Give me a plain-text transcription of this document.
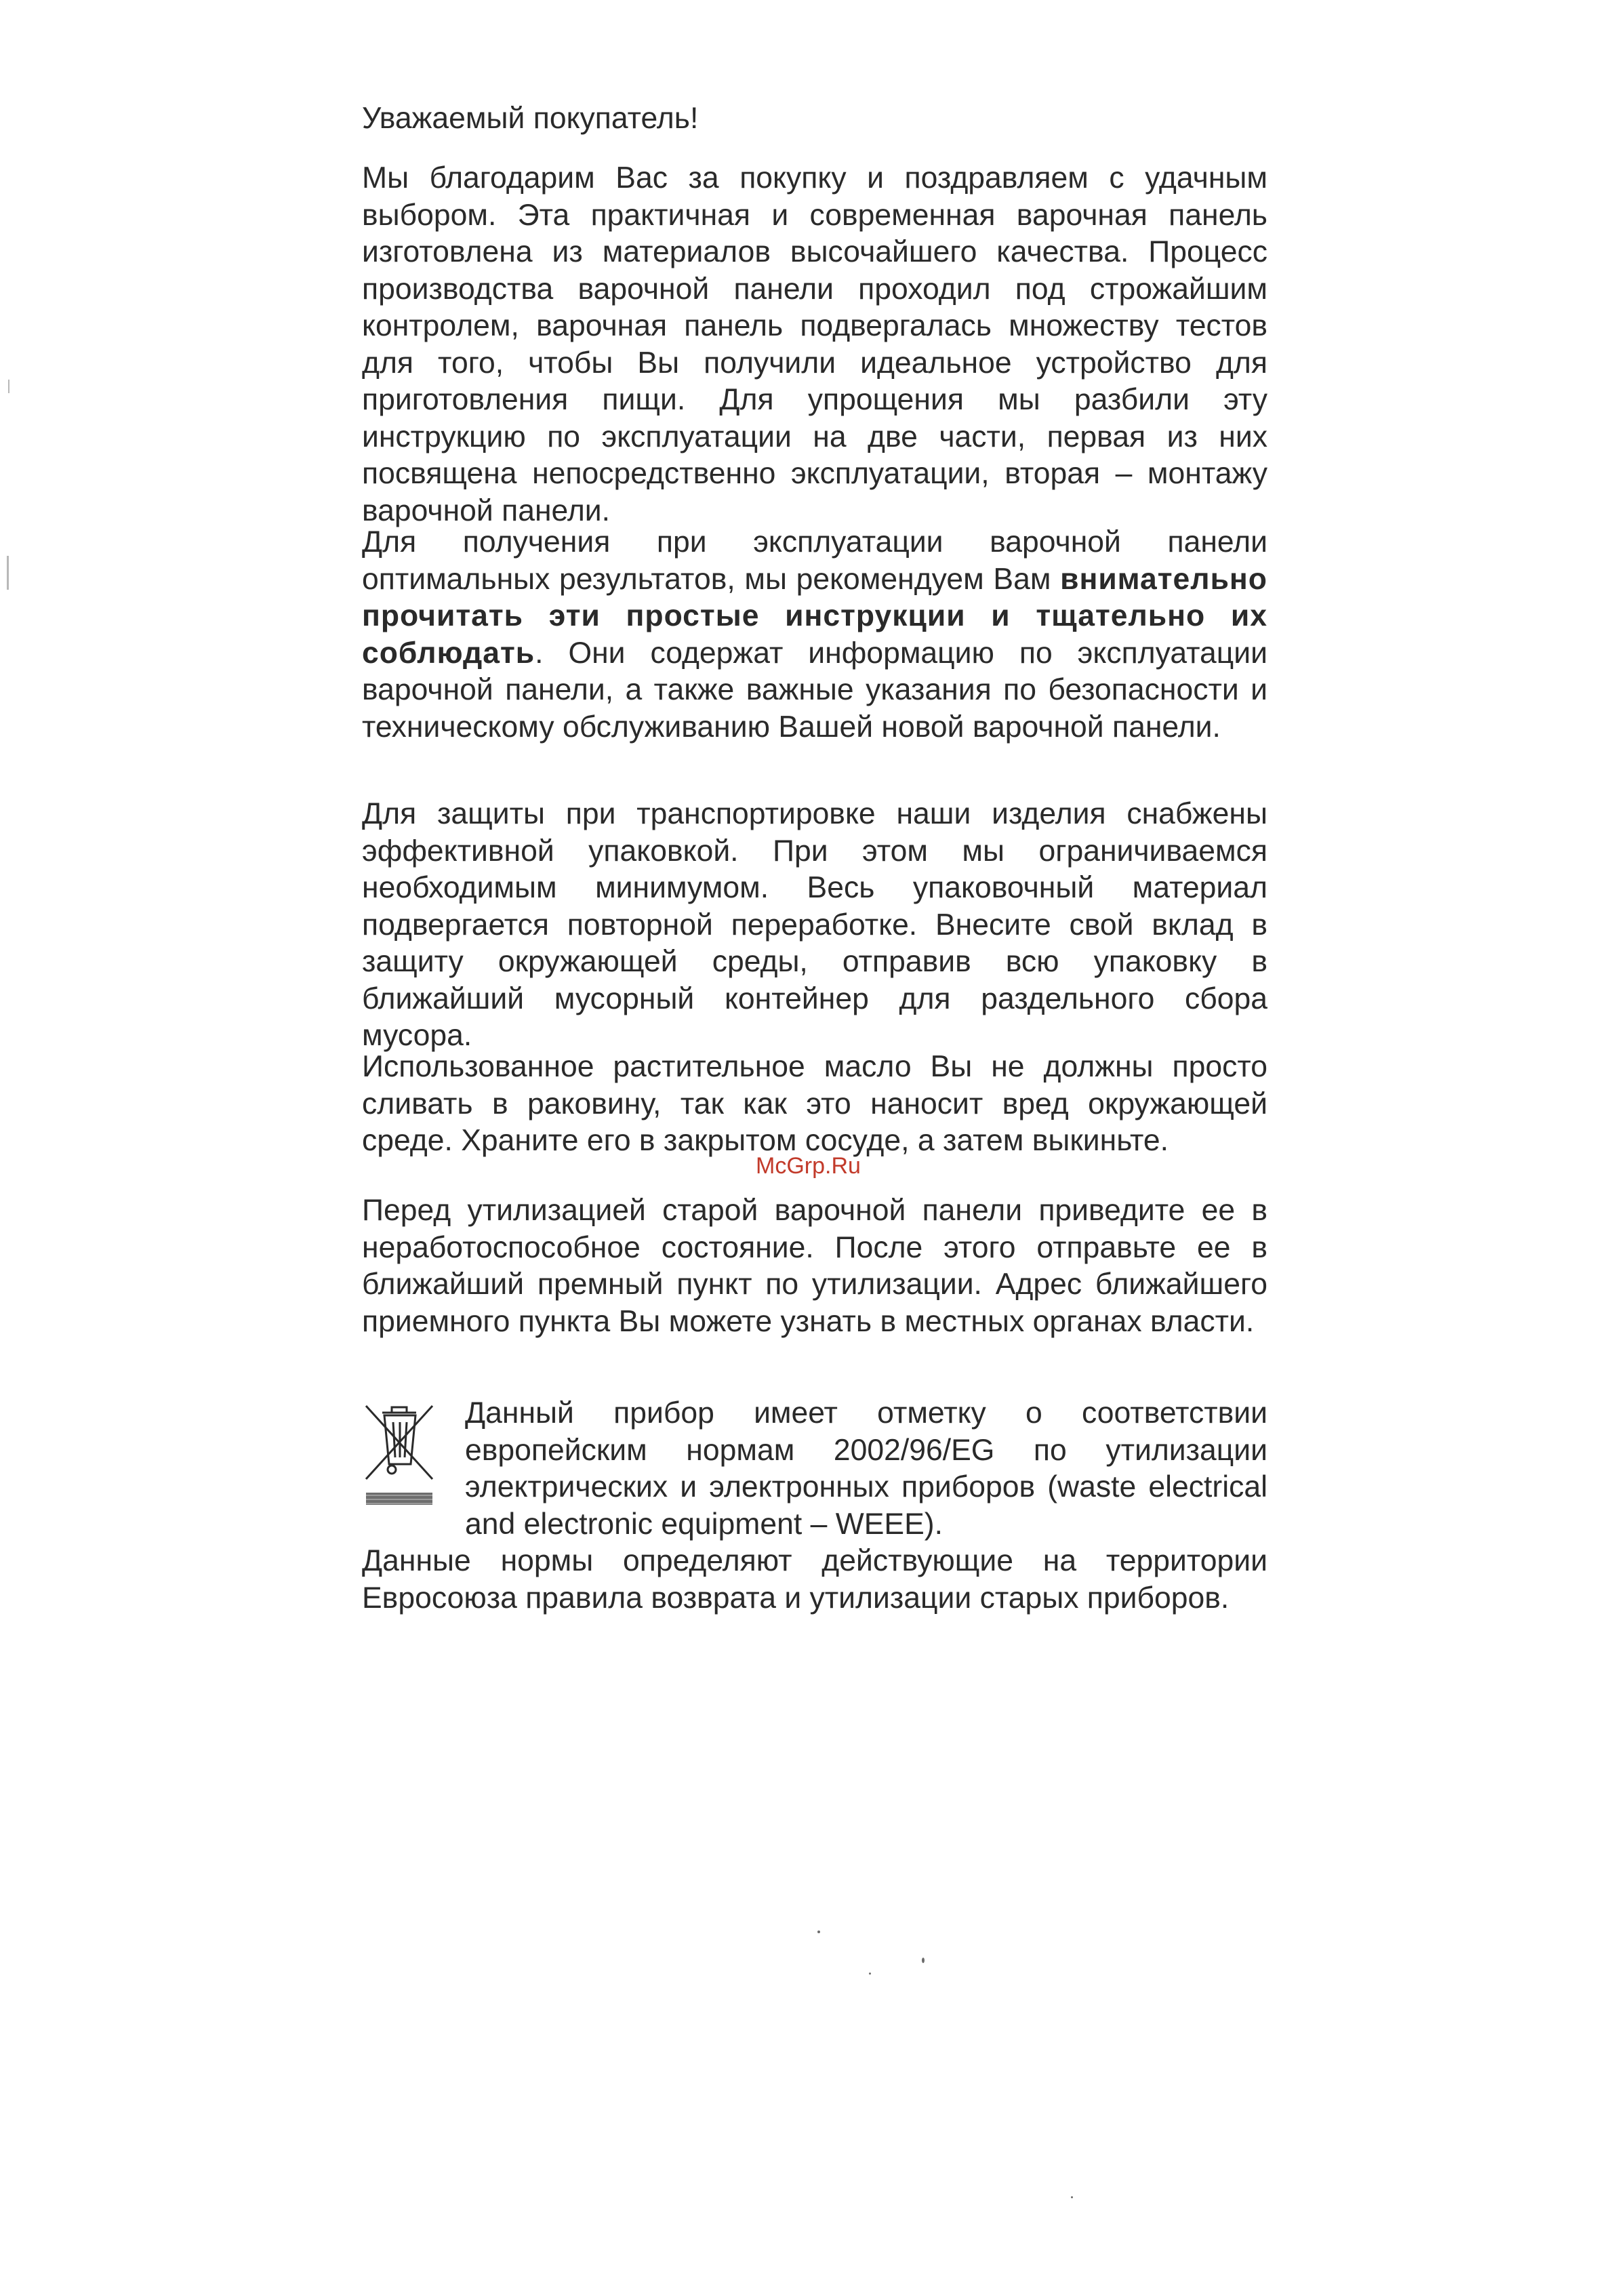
Уважаемый покупатель!

Мы благодарим Вас за покупку и поздравляем с удачным выбором. Эта практичная и современная варочная панель изготовлена из материалов высочайшего качества. Процесс производства варочной панели проходил под строжайшим контролем, варочная панель подвергалась множеству тестов для того, чтобы Вы получили идеальное устройство для приготовления пищи. Для упрощения мы разбили эту инструкцию по эксплуатации на две части, первая из них посвящена непосредственно эксплуатации, вторая – монтажу варочной панели.

Для получения при эксплуатации варочной панели оптимальных результатов, мы рекомендуем Вам внимательно прочитать эти простые инструкции и тщательно их соблюдать. Они содержат информацию по эксплуатации варочной панели, а также важные указания по безопасности и техническому обслуживанию Вашей новой варочной панели.

Для защиты при транспортировке наши изделия снабжены эффективной упаковкой. При этом мы ограничиваемся необходимым минимумом. Весь упаковочный материал подвергается повторной переработке. Внесите свой вклад в защиту окружающей среды, отправив всю упаковку в ближайший мусорный контейнер для раздельного сбора мусора.

Использованное растительное масло Вы не должны просто сливать в раковину, так как это наносит вред окружающей среде. Храните его в закрытом сосуде, а затем выкиньте.

Перед утилизацией старой варочной панели приведите ее в неработоспособное состояние. После этого отправьте ее в ближайший премный пункт по утилизации. Адрес ближайшего приемного пункта Вы можете узнать в местных органах власти.

Данный прибор имеет отметку о соответствии европейским нормам 2002/96/EG по утилизации электрических и электронных приборов (waste electrical and electronic equipment – WEEE).

Данные нормы определяют действующие на территории Евросоюза правила возврата и утилизации старых приборов.

McGrp.Ru
